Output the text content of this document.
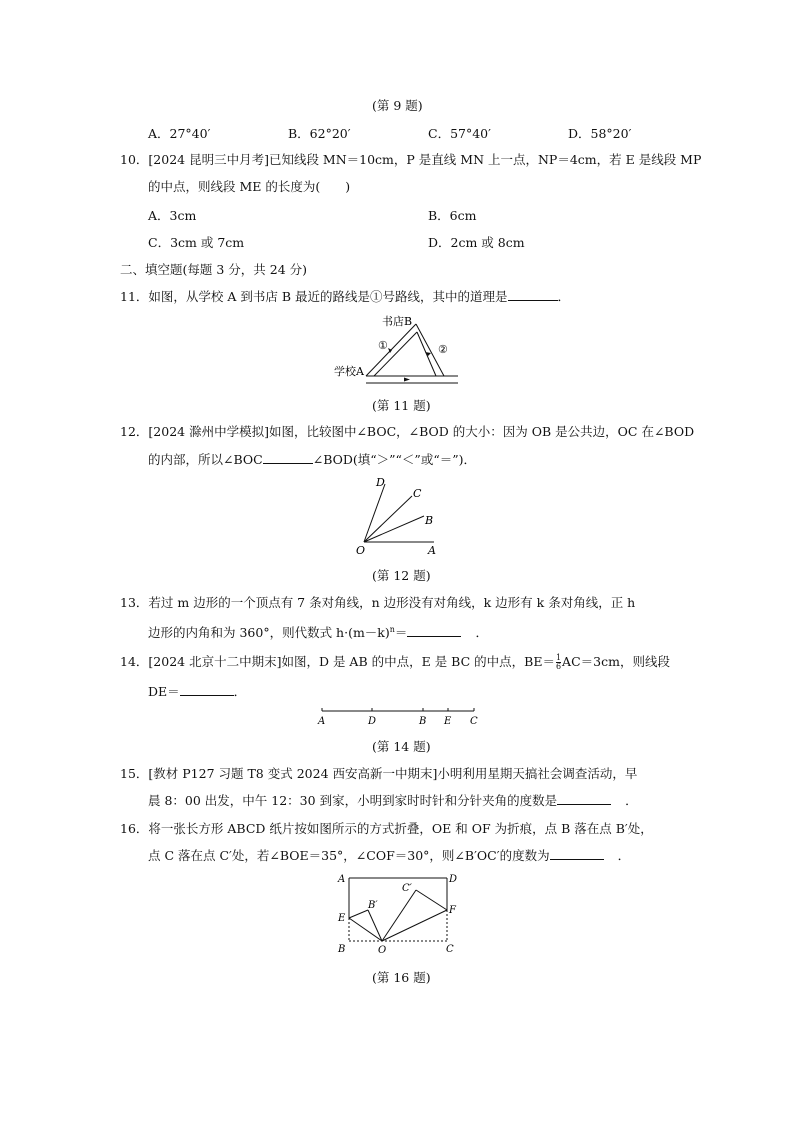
(第 9 题)
A．27°40′	B．62°20′	C．57°40′	D．58°20′
10．[2024 昆明三中月考]已知线段 MN＝10cm，P 是直线 MN 上一点，NP＝4cm，若 E 是线段 MP
的中点，则线段 ME 的长度为(　　)
A．3cm	B．6cm
C．3cm 或 7cm	D．2cm 或 8cm
二、填空题(每题 3 分，共 24 分)
11．如图，从学校 A 到书店 B 最近的路线是①号路线，其中的道理是	．
书店B
学校A
①	②
(第 11 题)
12．[2024 滁州中学模拟]如图，比较图中∠BOC，∠BOD 的大小：因为 OB 是公共边，OC 在∠BOD
的内部，所以∠BOC	∠BOD(填“＞”“＜”或“＝”)．
O	A
B
C
D
(第 12 题)
13．若过 m 边形的一个顶点有 7 条对角线，n 边形没有对角线，k 边形有 k 条对角线，正 h
边形的内角和为 360°，则代数式 $h\cdot(m-k)^n=$	．
14．[2024 北京十二中期末]如图，D 是 AB 的中点，E 是 BC 的中点，$BE= \frac{1}{6} AC=3cm$，则线段
DE＝	．
A	D	B E C
(第 14 题)
15．[教材 P127 习题 T8 变式 2024 西安高新一中期末]小明利用星期天搞社会调查活动，早
晨 8：00 出发，中午 12：30 到家，小明到家时时针和分针夹角的度数是	．
16．将一张长方形 ABCD 纸片按如图所示的方式折叠，OE 和 OF 为折痕，点 B 落在点 B′处，
点 C 落在点 C′处，若∠BOE＝35°，∠COF＝30°，则∠B′OC′的度数为	．
A	D
E
F
B	C
O
B′
C′
(第 16 题)
